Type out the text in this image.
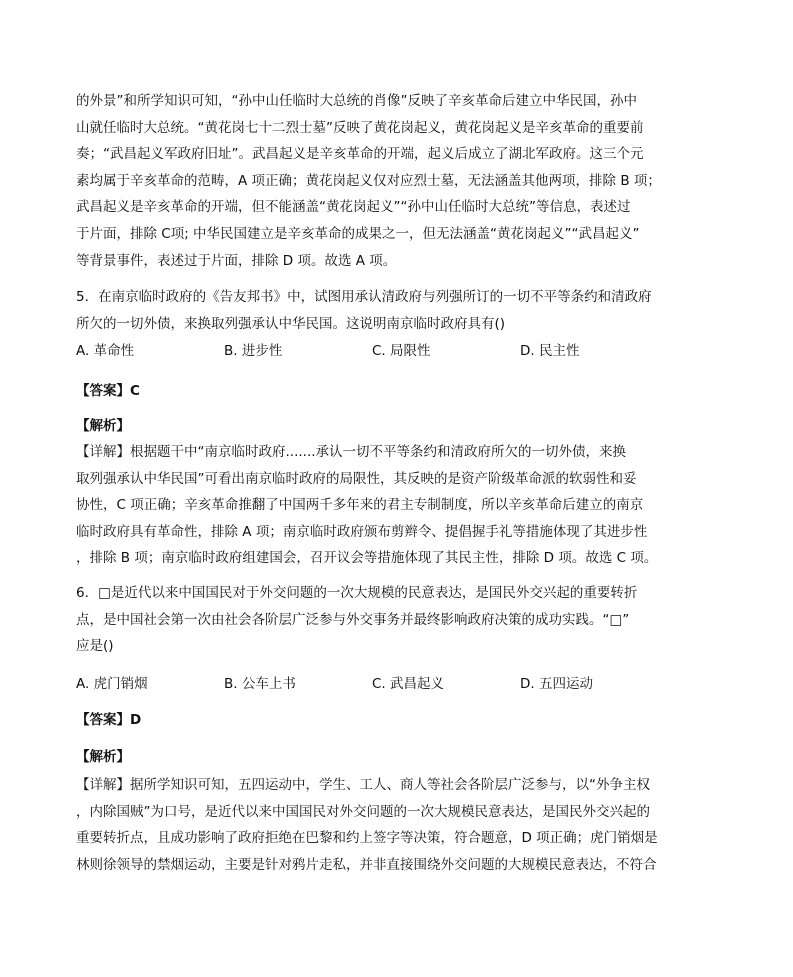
的外景”和所学知识可知，“孙中山任临时大总统的肖像”反映了辛亥革命后建立中华民国，孙中
山就任临时大总统。“黄花岗七十二烈士墓”反映了黄花岗起义，黄花岗起义是辛亥革命的重要前
奏；“武昌起义军政府旧址”。武昌起义是辛亥革命的开端，起义后成立了湖北军政府。这三个元
素均属于辛亥革命的范畴，A 项正确；黄花岗起义仅对应烈士墓，无法涵盖其他两项，排除 B 项；
武昌起义是辛亥革命的开端，但不能涵盖“黄花岗起义”“孙中山任临时大总统”等信息，表述过
于片面，排除 C项; 中华民国建立是辛亥革命的成果之一，但无法涵盖“黄花岗起义”“武昌起义”
等背景事件，表述过于片面，排除 D 项。故选 A 项。
5．在南京临时政府的《告友邦书》中，试图用承认清政府与列强所订的一切不平等条约和清政府
所欠的一切外债，来换取列强承认中华民国。这说明南京临时政府具有()
A. 革命性	B. 进步性	C. 局限性	D. 民主性
【答案】C
【解析】
【详解】根据题干中“南京临时政府.......承认一切不平等条约和清政府所欠的一切外债，来换
取列强承认中华民国”可看出南京临时政府的局限性，其反映的是资产阶级革命派的软弱性和妥
协性，C 项正确；辛亥革命推翻了中国两千多年来的君主专制制度，所以辛亥革命后建立的南京
临时政府具有革命性，排除 A 项；南京临时政府颁布剪辫令、提倡握手礼等措施体现了其进步性
，排除 B 项；南京临时政府组建国会，召开议会等措施体现了其民主性，排除 D 项。故选 C 项。
6．□是近代以来中国国民对于外交问题的一次大规模的民意表达，是国民外交兴起的重要转折
点，是中国社会第一次由社会各阶层广泛参与外交事务并最终影响政府决策的成功实践。“□”
应是()
A. 虎门销烟	B. 公车上书	C. 武昌起义	D. 五四运动
【答案】D
【解析】
【详解】据所学知识可知，五四运动中，学生、工人、商人等社会各阶层广泛参与，以“外争主权
，内除国贼”为口号，是近代以来中国国民对外交问题的一次大规模民意表达，是国民外交兴起的
重要转折点，且成功影响了政府拒绝在巴黎和约上签字等决策，符合题意，D 项正确；虎门销烟是
林则徐领导的禁烟运动，主要是针对鸦片走私，并非直接围绕外交问题的大规模民意表达，不符合
